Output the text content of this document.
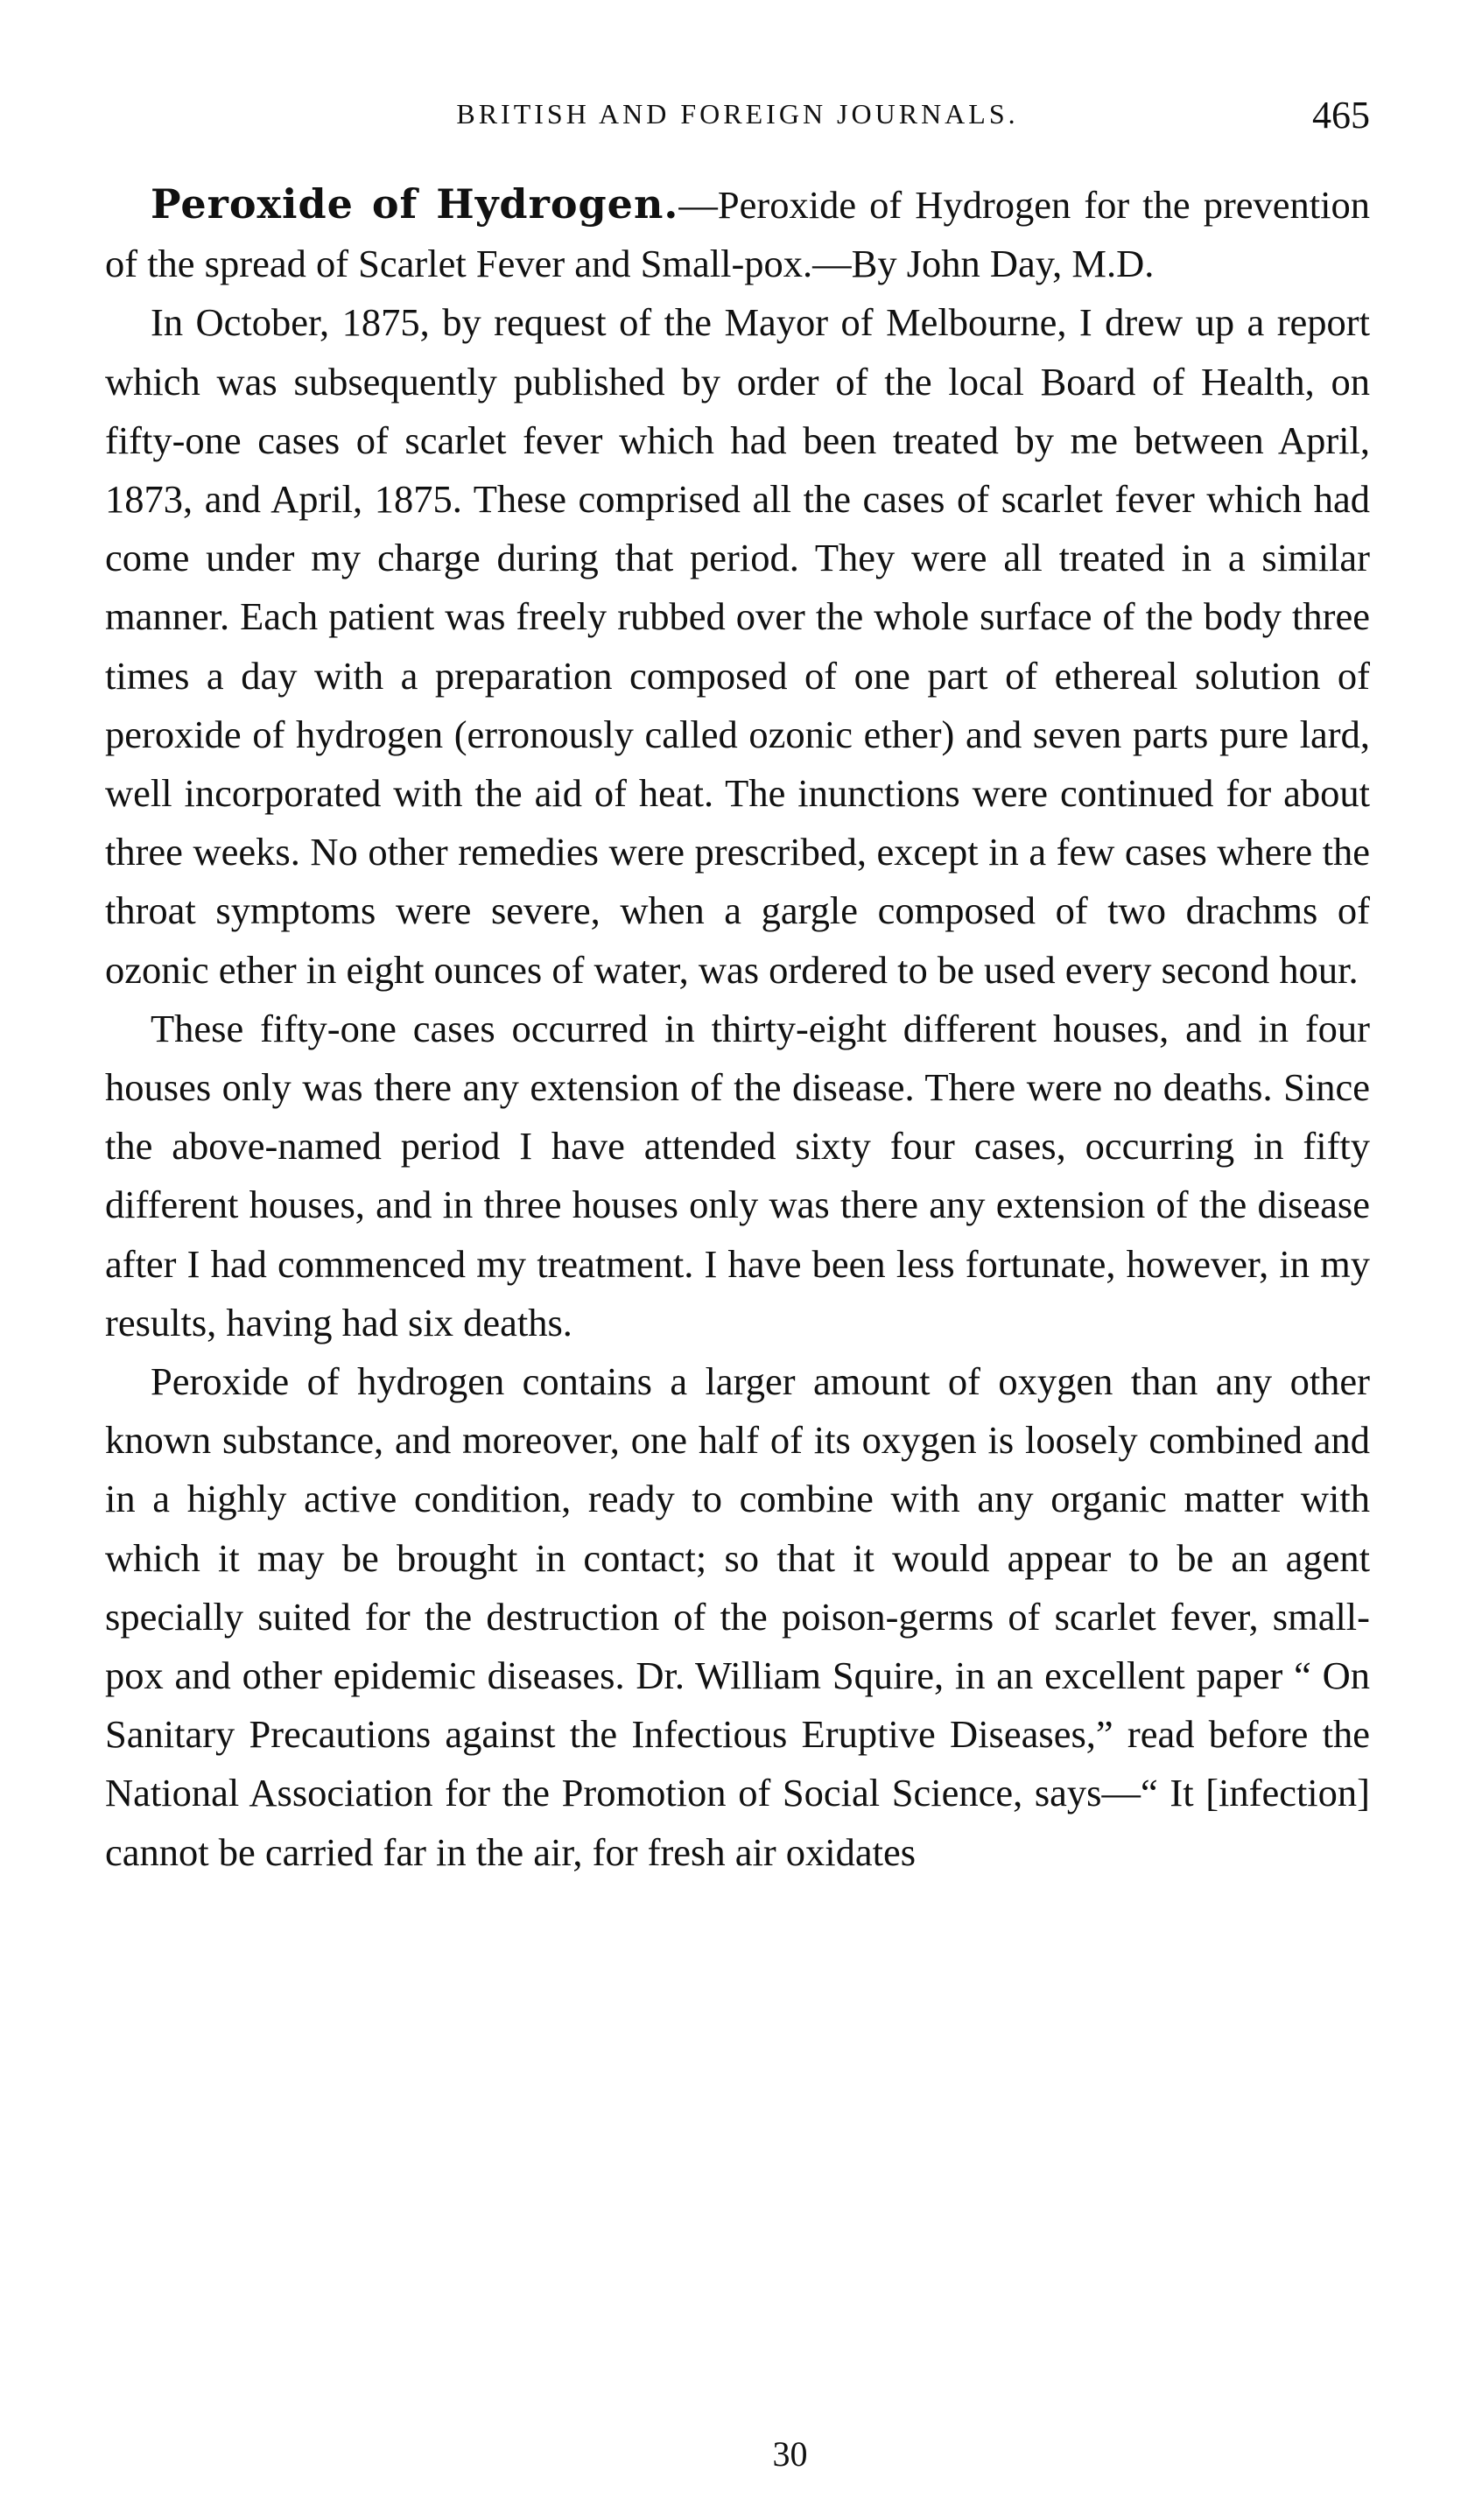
BRITISH AND FOREIGN JOURNALS.	465

Peroxide of Hydrogen.—Peroxide of Hydrogen for the prevention of the spread of Scarlet Fever and Small-pox.—By John Day, M.D.

In October, 1875, by request of the Mayor of Melbourne, I drew up a report which was subsequently published by order of the local Board of Health, on fifty-one cases of scarlet fever which had been treated by me between April, 1873, and April, 1875. These comprised all the cases of scarlet fever which had come under my charge during that period. They were all treated in a similar manner. Each patient was freely rubbed over the whole surface of the body three times a day with a preparation composed of one part of ethereal solution of peroxide of hydrogen (erronously called ozonic ether) and seven parts pure lard, well incorporated with the aid of heat. The inunctions were continued for about three weeks. No other remedies were prescribed, except in a few cases where the throat symptoms were severe, when a gargle composed of two drachms of ozonic ether in eight ounces of water, was ordered to be used every second hour.

These fifty-one cases occurred in thirty-eight different houses, and in four houses only was there any extension of the disease. There were no deaths. Since the above-named period I have attended sixty four cases, occurring in fifty different houses, and in three houses only was there any extension of the disease after I had commenced my treatment. I have been less fortunate, however, in my results, having had six deaths.

Peroxide of hydrogen contains a larger amount of oxygen than any other known substance, and moreover, one half of its oxygen is loosely combined and in a highly active condition, ready to combine with any organic matter with which it may be brought in contact; so that it would appear to be an agent specially suited for the destruction of the poison-germs of scarlet fever, small-pox and other epidemic diseases. Dr. William Squire, in an excellent paper “ On Sanitary Precautions against the Infectious Eruptive Diseases,” read before the National Association for the Promotion of Social Science, says—“ It [infection] cannot be carried far in the air, for fresh air oxidates

30
